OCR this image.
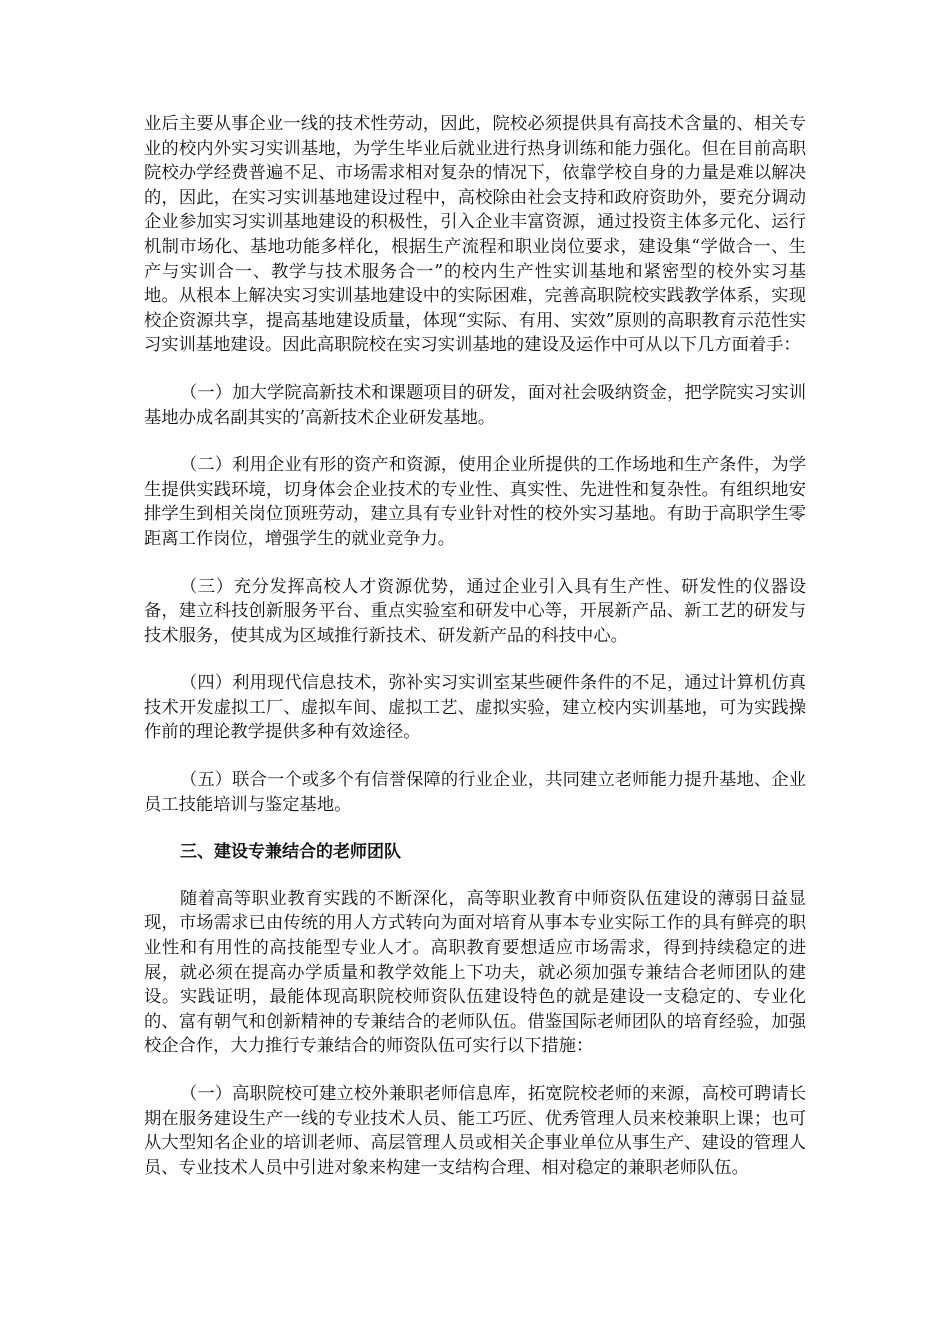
业后主要从事企业一线的技术性劳动，因此，院校必须提供具有高技术含量的、相关专业的校内外实习实训基地，为学生毕业后就业进行热身训练和能力强化。但在目前高职院校办学经费普遍不足、市场需求相对复杂的情况下，依靠学校自身的力量是难以解决的，因此，在实习实训基地建设过程中，高校除由社会支持和政府资助外，要充分调动企业参加实习实训基地建设的积极性，引入企业丰富资源，通过投资主体多元化、运行机制市场化、基地功能多样化，根据生产流程和职业岗位要求，建设集“学做合一、生产与实训合一、教学与技术服务合一”的校内生产性实训基地和紧密型的校外实习基地。从根本上解决实习实训基地建设中的实际困难，完善高职院校实践教学体系，实现校企资源共享，提高基地建设质量，体现“实际、有用、实效”原则的高职教育示范性实习实训基地建设。因此高职院校在实习实训基地的建设及运作中可从以下几方面着手：

（一）加大学院高新技术和课题项目的研发，面对社会吸纳资金，把学院实习实训基地办成名副其实的’高新技术企业研发基地。

（二）利用企业有形的资产和资源，使用企业所提供的工作场地和生产条件，为学生提供实践环境，切身体会企业技术的专业性、真实性、先进性和复杂性。有组织地安排学生到相关岗位顶班劳动，建立具有专业针对性的校外实习基地。有助于高职学生零距离工作岗位，增强学生的就业竞争力。

（三）充分发挥高校人才资源优势，通过企业引入具有生产性、研发性的仪器设备，建立科技创新服务平台、重点实验室和研发中心等，开展新产品、新工艺的研发与技术服务，使其成为区域推行新技术、研发新产品的科技中心。

（四）利用现代信息技术，弥补实习实训室某些硬件条件的不足，通过计算机仿真技术开发虚拟工厂、虚拟车间、虚拟工艺、虚拟实验，建立校内实训基地，可为实践操作前的理论教学提供多种有效途径。

（五）联合一个或多个有信誉保障的行业企业，共同建立老师能力提升基地、企业员工技能培训与鉴定基地。

三、建设专兼结合的老师团队

随着高等职业教育实践的不断深化，高等职业教育中师资队伍建设的薄弱日益显现，市场需求已由传统的用人方式转向为面对培育从事本专业实际工作的具有鲜亮的职业性和有用性的高技能型专业人才。高职教育要想适应市场需求，得到持续稳定的进展，就必须在提高办学质量和教学效能上下功夫，就必须加强专兼结合老师团队的建设。实践证明，最能体现高职院校师资队伍建设特色的就是建设一支稳定的、专业化的、富有朝气和创新精神的专兼结合的老师队伍。借鉴国际老师团队的培育经验，加强校企合作，大力推行专兼结合的师资队伍可实行以下措施：

（一）高职院校可建立校外兼职老师信息库，拓宽院校老师的来源，高校可聘请长期在服务建设生产一线的专业技术人员、能工巧匠、优秀管理人员来校兼职上课；也可从大型知名企业的培训老师、高层管理人员或相关企事业单位从事生产、建设的管理人员、专业技术人员中引进对象来构建一支结构合理、相对稳定的兼职老师队伍。
